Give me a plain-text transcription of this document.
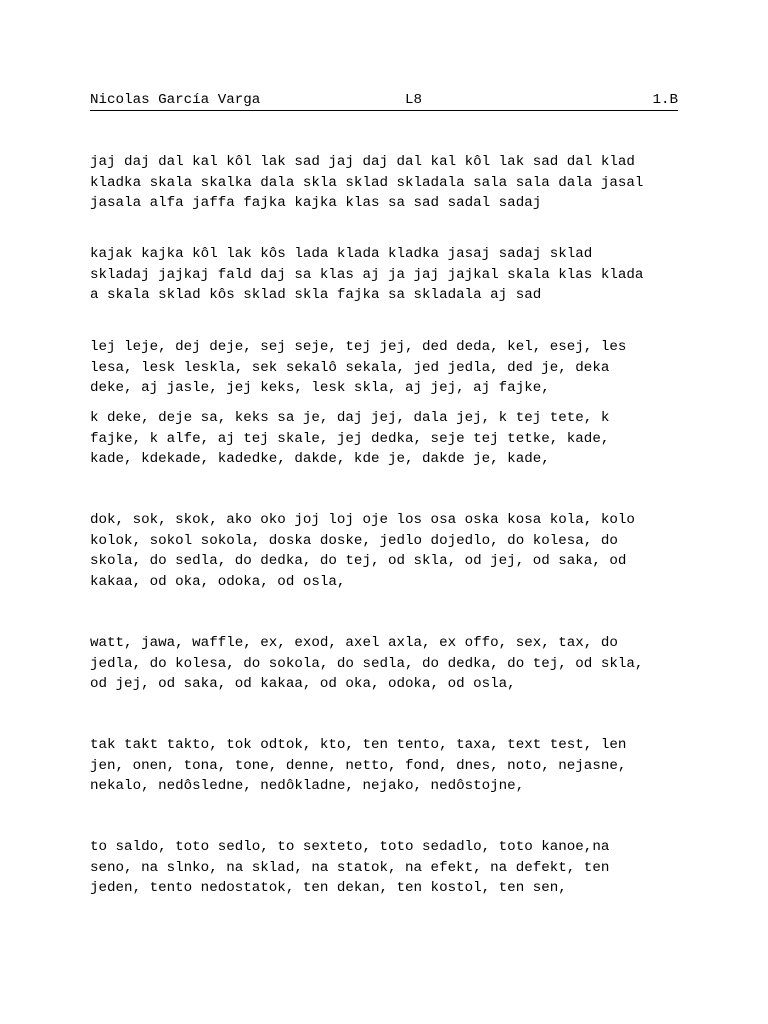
Nicolas García Varga	L8	1.B
jaj daj dal kal kôl lak sad jaj daj dal kal kôl lak sad dal klad
kladka skala skalka dala skla sklad skladala sala sala dala jasal
jasala alfa jaffa fajka kajka klas sa sad sadal sadaj
kajak kajka kôl lak kôs lada klada kladka jasaj sadaj sklad
skladaj jajkaj fald daj sa klas aj ja jaj jajkal skala klas klada
a skala sklad kôs sklad skla fajka sa skladala aj sad
lej leje, dej deje, sej seje, tej jej, ded deda, kel, esej, les
lesa, lesk leskla, sek sekalô sekala, jed jedla, ded je, deka
deke, aj jasle, jej keks, lesk skla, aj jej, aj fajke,
k deke, deje sa, keks sa je, daj jej, dala jej, k tej tete, k
fajke, k alfe, aj tej skale, jej dedka, seje tej tetke, kade,
kade, kdekade, kadedke, dakde, kde je, dakde je, kade,
dok, sok, skok, ako oko joj loj oje los osa oska kosa kola, kolo
kolok, sokol sokola, doska doske, jedlo dojedlo, do kolesa, do
skola, do sedla, do dedka, do tej, od skla, od jej, od saka, od
kakaa, od oka, odoka, od osla,
watt, jawa, waffle, ex, exod, axel axla, ex offo, sex, tax, do
jedla, do kolesa, do sokola, do sedla, do dedka, do tej, od skla,
od jej, od saka, od kakaa, od oka, odoka, od osla,
tak takt takto, tok odtok, kto, ten tento, taxa, text test, len
jen, onen, tona, tone, denne, netto, fond, dnes, noto, nejasne,
nekalo, nedôsledne, nedôkladne, nejako, nedôstojne,
to saldo, toto sedlo, to sexteto, toto sedadlo, toto kanoe,na
seno, na slnko, na sklad, na statok, na efekt, na defekt, ten
jeden, tento nedostatok, ten dekan, ten kostol, ten sen,
